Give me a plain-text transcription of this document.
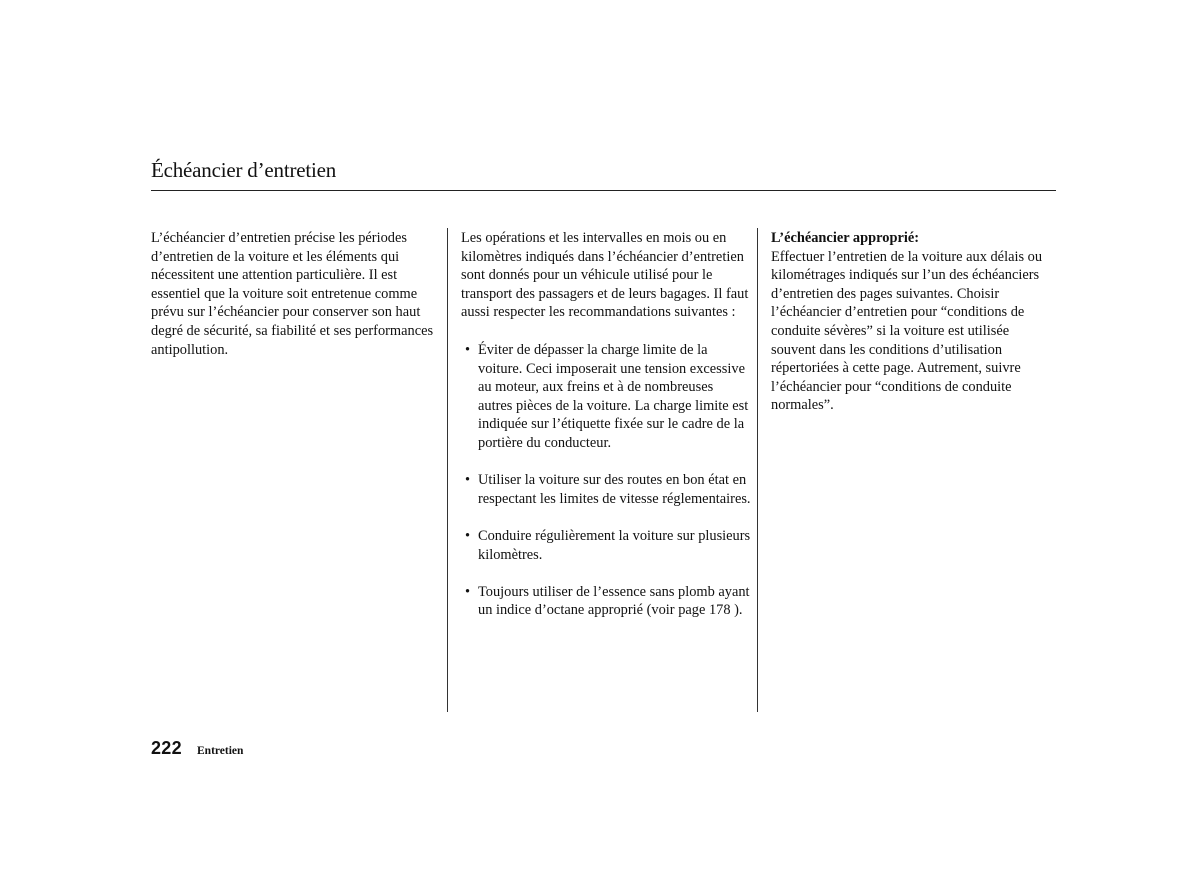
Échéancier d’entretien

L’échéancier d’entretien précise les périodes d’entretien de la voiture et les éléments qui nécessitent une attention particulière. Il est essentiel que la voiture soit entretenue comme prévu sur l’échéancier pour conserver son haut degré de sécurité, sa fiabilité et ses performances antipollution.

Les opérations et les intervalles en mois ou en kilomètres indiqués dans l’échéancier d’entretien sont donnés pour un véhicule utilisé pour le transport des passagers et de leurs bagages. Il faut aussi respecter les recommandations suivantes :

• Éviter de dépasser la charge limite de la voiture. Ceci imposerait une tension excessive au moteur, aux freins et à de nombreuses autres pièces de la voiture. La charge limite est indiquée sur l’étiquette fixée sur le cadre de la portière du conducteur.
• Utiliser la voiture sur des routes en bon état en respectant les limites de vitesse réglementaires.
• Conduire régulièrement la voiture sur plusieurs kilomètres.
• Toujours utiliser de l’essence sans plomb ayant un indice d’octane approprié (voir page 178 ).
L’échéancier approprié:

Effectuer l’entretien de la voiture aux délais ou kilométrages indiqués sur l’un des échéanciers d’entretien des pages suivantes. Choisir l’échéancier d’entretien pour “conditions de conduite sévères” si la voiture est utilisée souvent dans les conditions d’utilisation répertoriées à cette page. Autrement, suivre l’échéancier pour “conditions de conduite normales”.

222 Entretien
